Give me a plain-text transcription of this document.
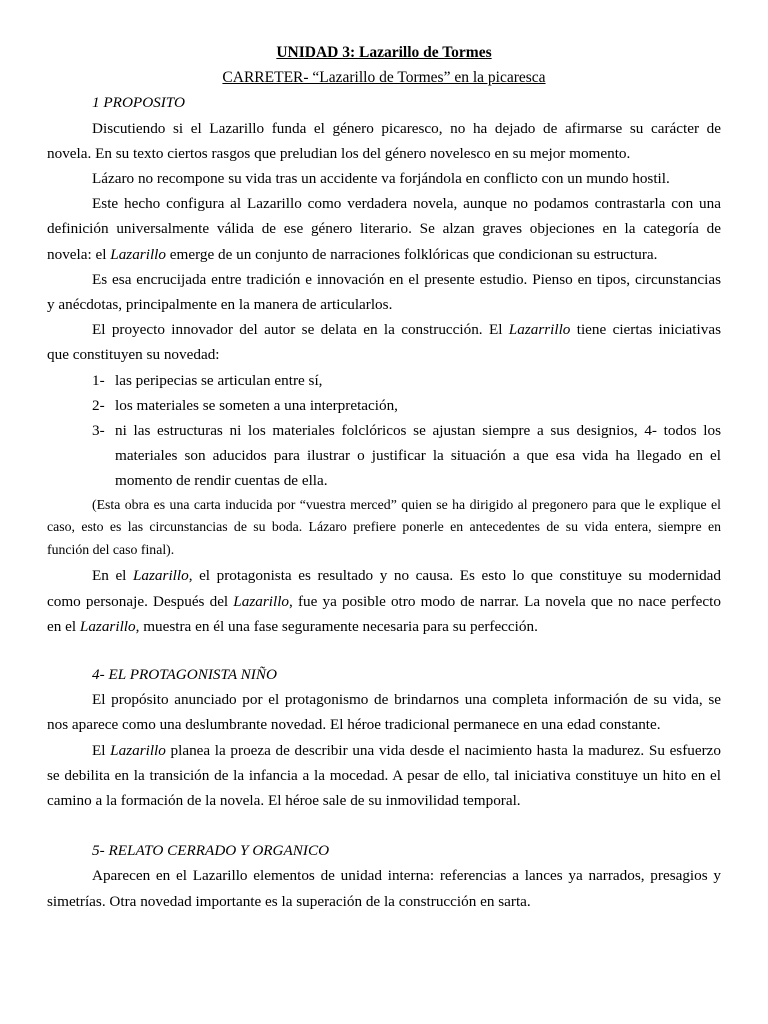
UNIDAD 3: Lazarillo de Tormes
CARRETER- “Lazarillo de Tormes” en la picaresca
1 PROPOSITO
Discutiendo si el Lazarillo funda el género picaresco, no ha dejado de afirmarse su carácter de
novela. En su texto ciertos rasgos que preludian los del género novelesco en su mejor momento.
Lázaro no recompone su vida tras un accidente va forjándola en conflicto con un mundo hostil.
Este hecho configura al Lazarillo como verdadera novela, aunque no podamos contrastarla con una
definición universalmente válida de ese género literario. Se alzan graves objeciones en la categoría de
novela: el Lazarillo emerge de un conjunto de narraciones folklóricas que condicionan su estructura.
Es esa encrucijada entre tradición e innovación en el presente estudio. Pienso en tipos, circunstancias
y anécdotas, principalmente en la manera de articularlos.
El proyecto innovador del autor se delata en la construcción. El Lazarrillo tiene ciertas iniciativas
que constituyen su novedad:
1- las peripecias se articulan entre sí,
2- los materiales se someten a una interpretación,
3- ni las estructuras ni los materiales folclóricos se ajustan siempre a sus designios, 4- todos los
materiales son aducidos para ilustrar o justificar la situación a que esa vida ha llegado en el
momento de rendir cuentas de ella.
(Esta obra es una carta inducida por “vuestra merced” quien se ha dirigido al pregonero para que le explique el
caso, esto es las circunstancias de su boda. Lázaro prefiere ponerle en antecedentes de su vida entera, siempre en
función del caso final).
En el Lazarillo, el protagonista es resultado y no causa. Es esto lo que constituye su modernidad
como personaje. Después del Lazarillo, fue ya posible otro modo de narrar. La novela que no nace perfecto
en el Lazarillo, muestra en él una fase seguramente necesaria para su perfección.
4- EL PROTAGONISTA NIÑO
El propósito anunciado por el protagonismo de brindarnos una completa información de su vida, se
nos aparece como una deslumbrante novedad. El héroe tradicional permanece en una edad constante.
El Lazarillo planea la proeza de describir una vida desde el nacimiento hasta la madurez. Su esfuerzo
se debilita en la transición de la infancia a la mocedad. A pesar de ello, tal iniciativa constituye un hito en el
camino a la formación de la novela. El héroe sale de su inmovilidad temporal.
5- RELATO CERRADO Y ORGANICO
Aparecen en el Lazarillo elementos de unidad interna: referencias a lances ya narrados, presagios y
simetrías. Otra novedad importante es la superación de la construcción en sarta.
